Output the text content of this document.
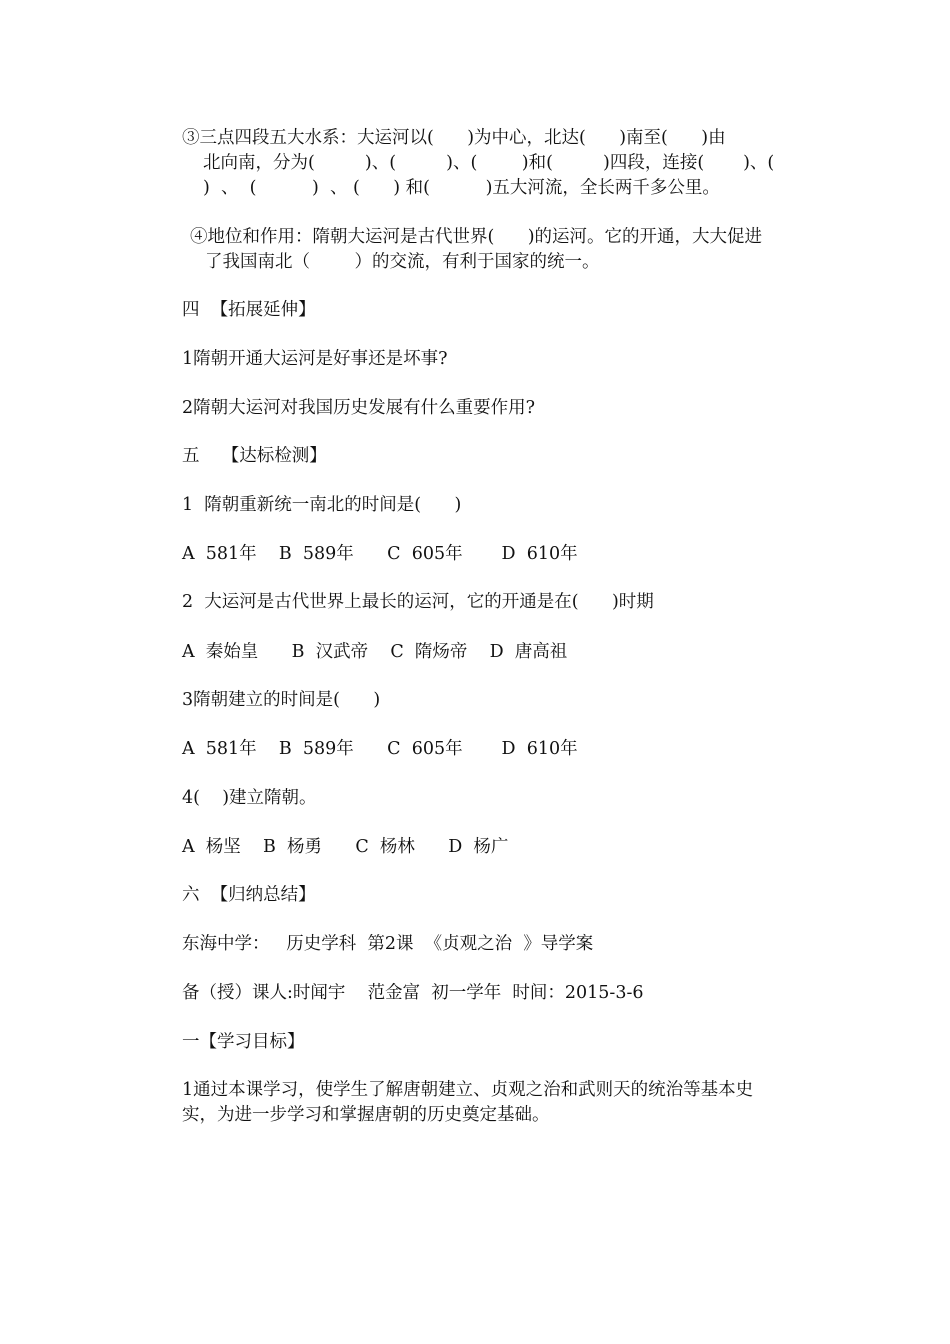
③三点四段五大水系：大运河以(      )为中心，北达(      )南至(      )由
北向南，分为(         )、(         )、(        )和(         )四段，连接(       )、(
)  、  (          )  、 (      ) 和(          )五大河流，全长两千多公里。
④地位和作用：隋朝大运河是古代世界(      )的运河。它的开通，大大促进
了我国南北（        ）的交流，有利于国家的统一。
四  【拓展延伸】
1隋朝开通大运河是好事还是坏事?
2隋朝大运河对我国历史发展有什么重要作用?
五    【达标检测】
1  隋朝重新统一南北的时间是(      )
A  581年    B  589年      C  605年       D  610年
2  大运河是古代世界上最长的运河，它的开通是在(      )时期
A  秦始皇      B  汉武帝    C  隋炀帝    D  唐高祖
3隋朝建立的时间是(      )
A  581年    B  589年      C  605年       D  610年
4(    )建立隋朝。
A  杨坚    B  杨勇      C  杨林      D  杨广
六  【归纳总结】
东海中学：   历史学科  第2课  《贞观之治  》导学案
备（授）课人:时闻宇    范金富  初一学年  时间：2015-3-6
一【学习目标】
1通过本课学习，使学生了解唐朝建立、贞观之治和武则天的统治等基本史
实，为进一步学习和掌握唐朝的历史奠定基础。
